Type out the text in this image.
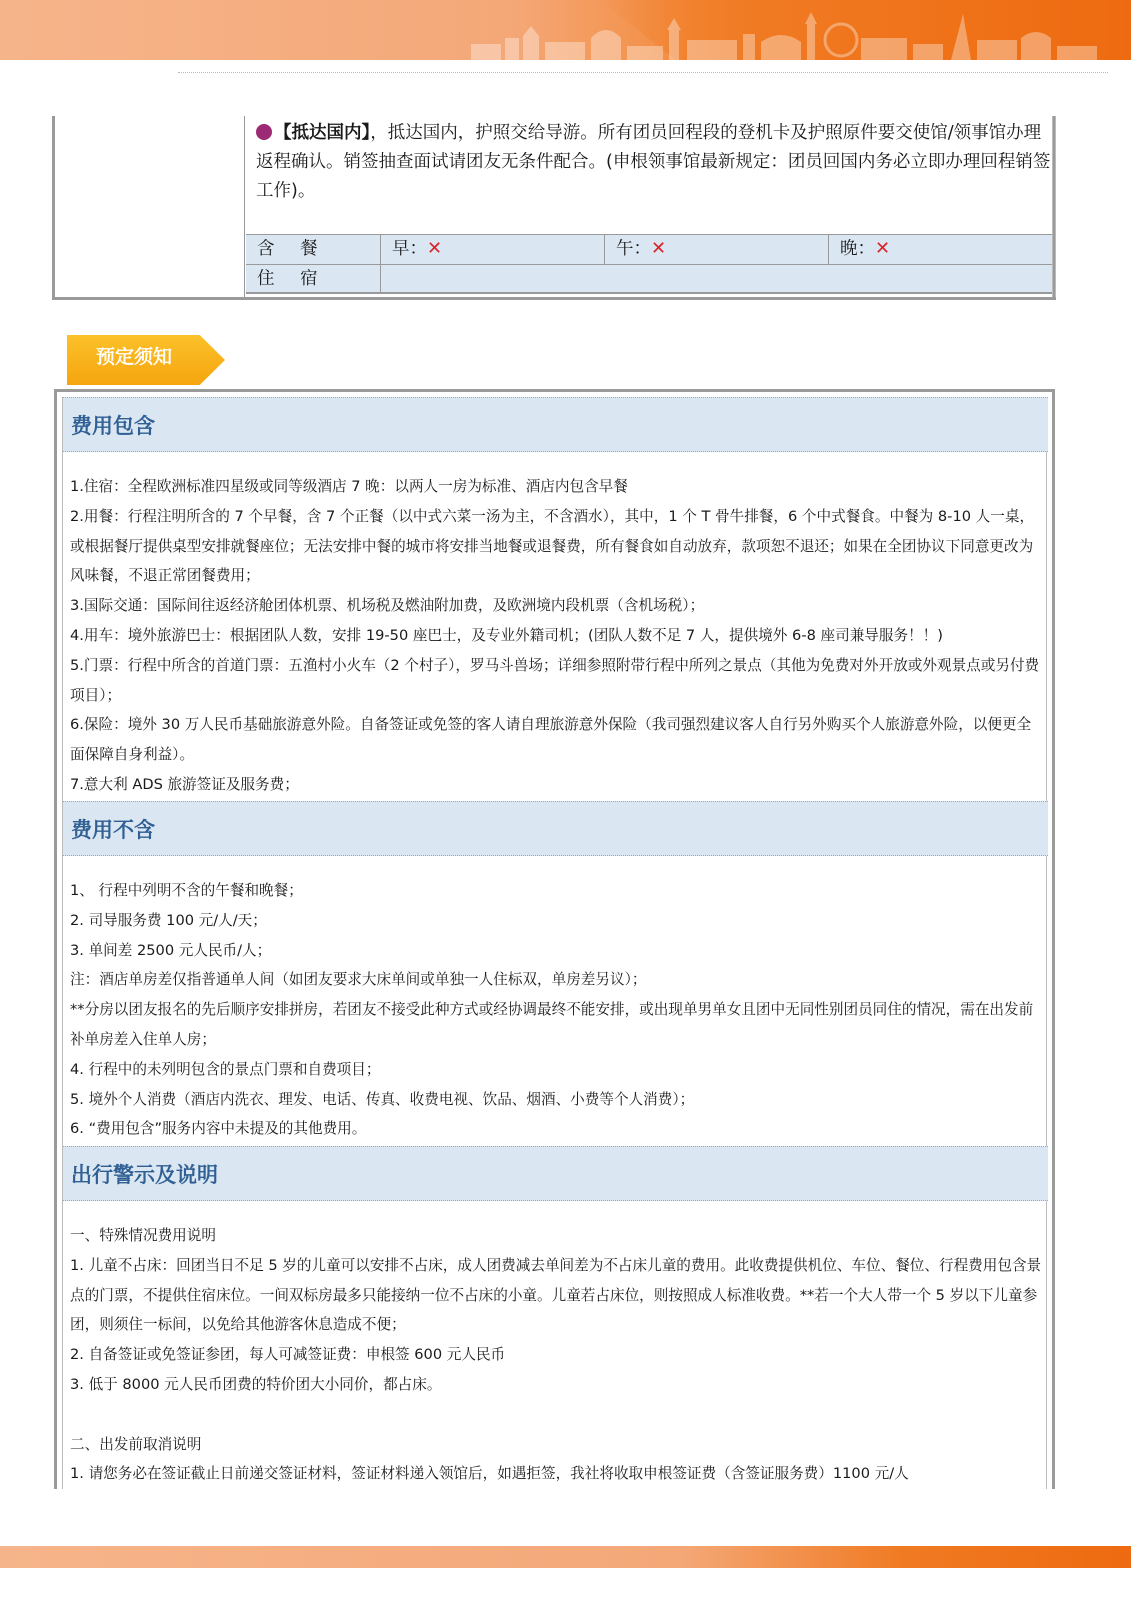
【抵达国内】，抵达国内，护照交给导游。所有团员回程段的登机卡及护照原件要交使馆/领事馆办理返程确认。销签抽查面试请团友无条件配合。(申根领事馆最新规定：团员回国内务必立即办理回程销签工作)。
含 餐	早：✕	午：✕	晚：✕
住 宿
预定须知
费用包含

1.住宿：全程欧洲标准四星级或同等级酒店 7 晚：以两人一房为标准、酒店内包含早餐

2.用餐：行程注明所含的 7 个早餐，含 7 个正餐（以中式六菜一汤为主，不含酒水），其中，1 个 T 骨牛排餐，6 个中式餐食。中餐为 8-10 人一桌，或根据餐厅提供桌型安排就餐座位；无法安排中餐的城市将安排当地餐或退餐费，所有餐食如自动放弃，款项恕不退还；如果在全团协议下同意更改为风味餐，不退正常团餐费用；

3.国际交通：国际间往返经济舱团体机票、机场税及燃油附加费，及欧洲境内段机票（含机场税）；

4.用车：境外旅游巴士：根据团队人数，安排 19-50 座巴士，及专业外籍司机；(团队人数不足 7 人，提供境外 6-8 座司兼导服务！！)

5.门票：行程中所含的首道门票：五渔村小火车（2 个村子），罗马斗兽场；详细参照附带行程中所列之景点（其他为免费对外开放或外观景点或另付费项目）；

6.保险：境外 30 万人民币基础旅游意外险。自备签证或免签的客人请自理旅游意外保险（我司强烈建议客人自行另外购买个人旅游意外险，以便更全面保障自身利益）。

7.意大利 ADS 旅游签证及服务费；

费用不含

1、 行程中列明不含的午餐和晚餐；

2. 司导服务费 100 元/人/天；

3. 单间差 2500 元人民币/人；

注：酒店单房差仅指普通单人间（如团友要求大床单间或单独一人住标双，单房差另议）；

**分房以团友报名的先后顺序安排拼房，若团友不接受此种方式或经协调最终不能安排，或出现单男单女且团中无同性别团员同住的情况，需在出发前补单房差入住单人房；

4. 行程中的未列明包含的景点门票和自费项目；

5. 境外个人消费（酒店内洗衣、理发、电话、传真、收费电视、饮品、烟酒、小费等个人消费）；

6. “费用包含”服务内容中未提及的其他费用。

出行警示及说明

一、特殊情况费用说明

1. 儿童不占床：回团当日不足 5 岁的儿童可以安排不占床，成人团费减去单间差为不占床儿童的费用。此收费提供机位、车位、餐位、行程费用包含景点的门票，不提供住宿床位。一间双标房最多只能接纳一位不占床的小童。儿童若占床位，则按照成人标准收费。**若一个大人带一个 5 岁以下儿童参团，则须住一标间，以免给其他游客休息造成不便；

2. 自备签证或免签证参团，每人可减签证费：申根签 600 元人民币

3. 低于 8000 元人民币团费的特价团大小同价，都占床。

二、出发前取消说明

1. 请您务必在签证截止日前递交签证材料，签证材料递入领馆后，如遇拒签，我社将收取申根签证费（含签证服务费）1100 元/人
